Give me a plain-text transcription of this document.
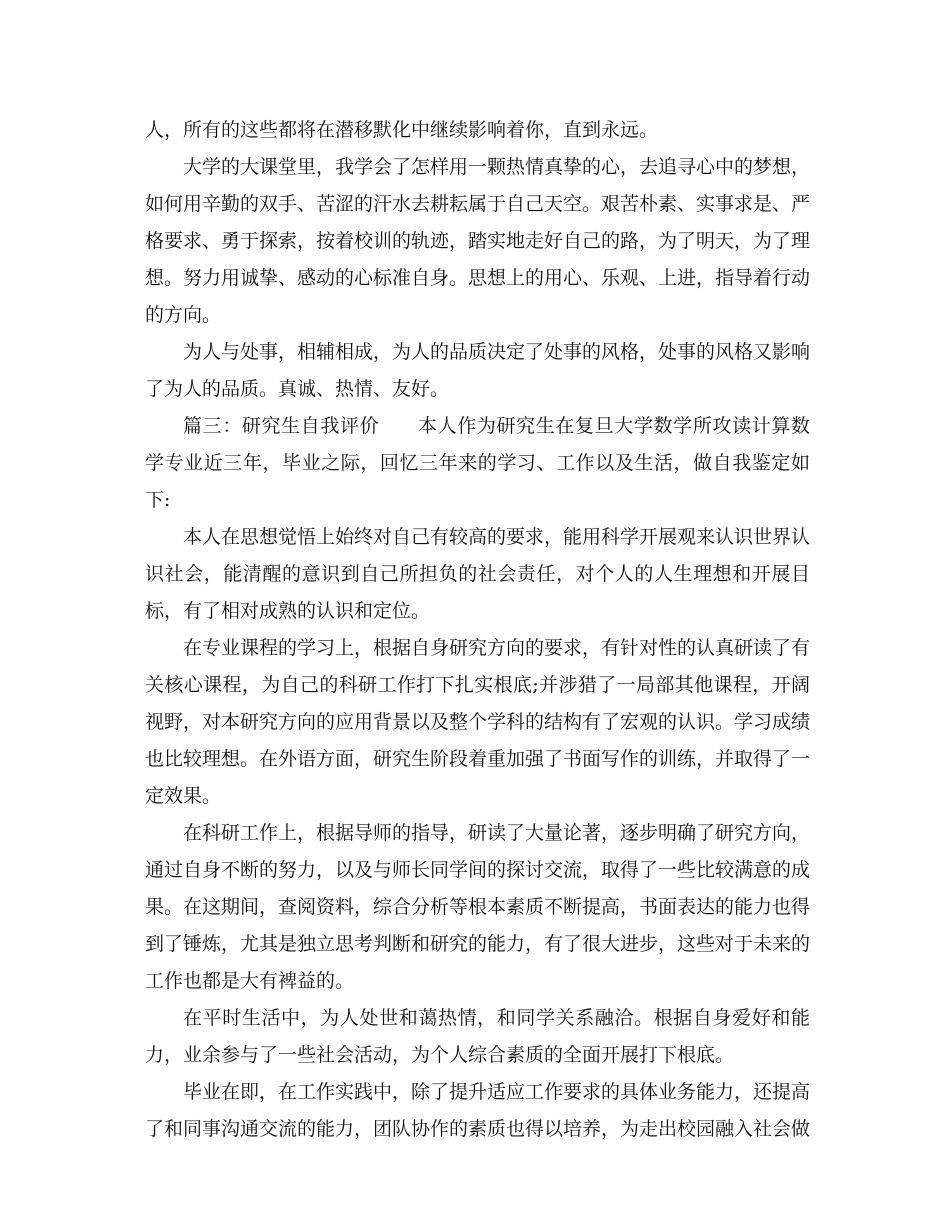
人，所有的这些都将在潜移默化中继续影响着你，直到永远。

大学的大课堂里，我学会了怎样用一颗热情真挚的心，去追寻心中的梦想，如何用辛勤的双手、苦涩的汗水去耕耘属于自己天空。艰苦朴素、实事求是、严格要求、勇于探索，按着校训的轨迹，踏实地走好自己的路，为了明天，为了理想。努力用诚挚、感动的心标准自身。思想上的用心、乐观、上进，指导着行动的方向。

为人与处事，相辅相成，为人的品质决定了处事的风格，处事的风格又影响了为人的品质。真诚、热情、友好。

篇三：研究生自我评价 本人作为研究生在复旦大学数学所攻读计算数学专业近三年，毕业之际，回忆三年来的学习、工作以及生活，做自我鉴定如下:

本人在思想觉悟上始终对自己有较高的要求，能用科学开展观来认识世界认识社会，能清醒的意识到自己所担负的社会责任，对个人的人生理想和开展目标，有了相对成熟的认识和定位。

在专业课程的学习上，根据自身研究方向的要求，有针对性的认真研读了有关核心课程，为自己的科研工作打下扎实根底;并涉猎了一局部其他课程，开阔视野，对本研究方向的应用背景以及整个学科的结构有了宏观的认识。学习成绩也比较理想。在外语方面，研究生阶段着重加强了书面写作的训练，并取得了一定效果。

在科研工作上，根据导师的指导，研读了大量论著，逐步明确了研究方向，通过自身不断的努力，以及与师长同学间的探讨交流，取得了一些比较满意的成果。在这期间，查阅资料，综合分析等根本素质不断提高，书面表达的能力也得到了锤炼，尤其是独立思考判断和研究的能力，有了很大进步，这些对于未来的工作也都是大有裨益的。

在平时生活中，为人处世和蔼热情，和同学关系融洽。根据自身爱好和能力，业余参与了一些社会活动，为个人综合素质的全面开展打下根底。

毕业在即，在工作实践中，除了提升适应工作要求的具体业务能力，还提高了和同事沟通交流的能力，团队协作的素质也得以培养，为走出校园融入社会做
